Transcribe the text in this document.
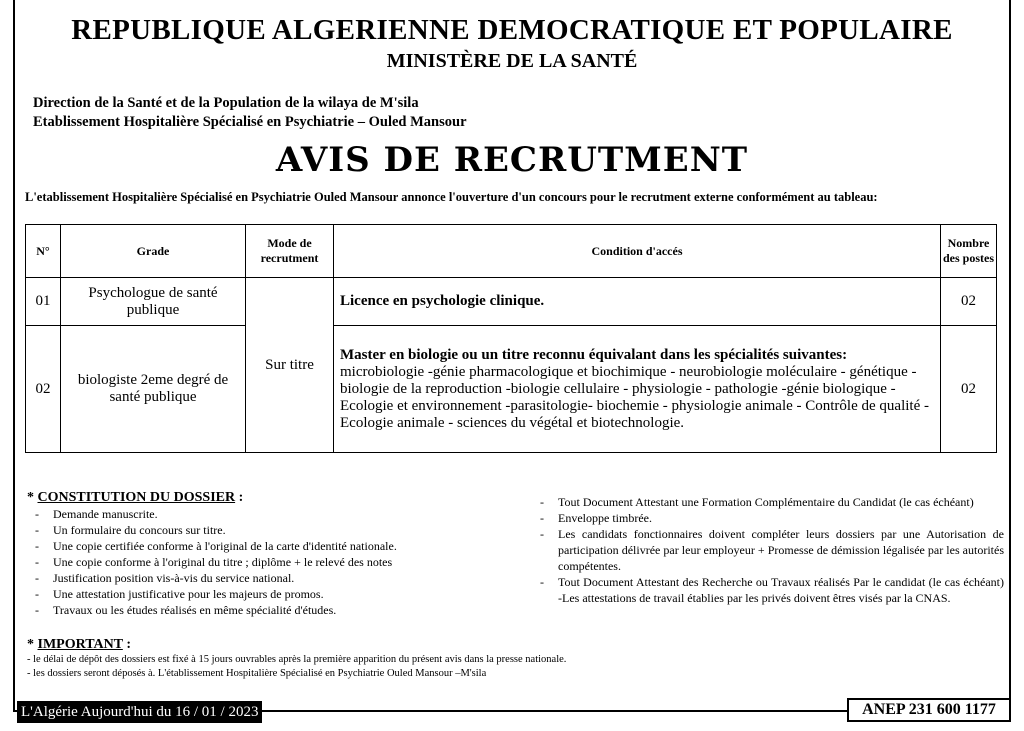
REPUBLIQUE ALGERIENNE DEMOCRATIQUE ET POPULAIRE
MINISTÈRE DE LA SANTÉ
Direction de la Santé et de la Population de la wilaya de M'sila
Etablissement Hospitalière Spécialisé en Psychiatrie – Ouled Mansour
AVIS DE RECRUTMENT
L'etablissement Hospitalière Spécialisé en Psychiatrie Ouled Mansour annonce l'ouverture d'un concours pour le recrutment externe conformément au tableau:
N°	Grade	Mode de recrutment	Condition d'accés	Nombre des postes
01	Psychologue de santé publique	Sur titre	Licence en psychologie clinique.	02
02	biologiste 2eme degré de santé publique		Master en biologie ou un titre reconnu équivalant dans les spécialités suivantes:
microbiologie -génie pharmacologique et biochimique - neurobiologie moléculaire - génétique -biologie de la reproduction -biologie cellulaire - physiologie - pathologie -génie biologique - Ecologie et environnement -parasitologie- biochemie - physiologie animale - Contrôle de qualité - Ecologie animale - sciences du végétal et biotechnologie.	02
* CONSTITUTION DU DOSSIER :
- Demande manuscrite.
- Un formulaire du concours sur titre.
- Une copie certifiée conforme à l'original de la carte d'identité nationale.
- Une copie conforme à l'original du titre ; diplôme + le relevé des notes
- Justification position vis-à-vis du service national.
- Une attestation justificative pour les majeurs de promos.
- Travaux ou les études réalisés en même spécialité d'études.
- Tout Document Attestant une Formation Complémentaire du Candidat (le cas échéant)
- Enveloppe timbrée.
- Les candidats fonctionnaires doivent compléter leurs dossiers par une Autorisation de participation délivrée par leur employeur + Promesse de démission légalisée par les autorités compétentes.
- Tout Document Attestant des Recherche ou Travaux réalisés Par le candidat (le cas échéant) -Les attestations de travail établies par les privés doivent êtres visés par la CNAS.
* IMPORTANT :
- le délai de dépôt des dossiers est fixé à 15 jours ouvrables après la première apparition du présent avis dans la presse nationale.
- les dossiers seront déposés à. L'établissement Hospitalière Spécialisé en Psychiatrie Ouled Mansour –M'sila
L'Algérie Aujourd'hui du 16 / 01 / 2023	ANEP 231 600 1177
